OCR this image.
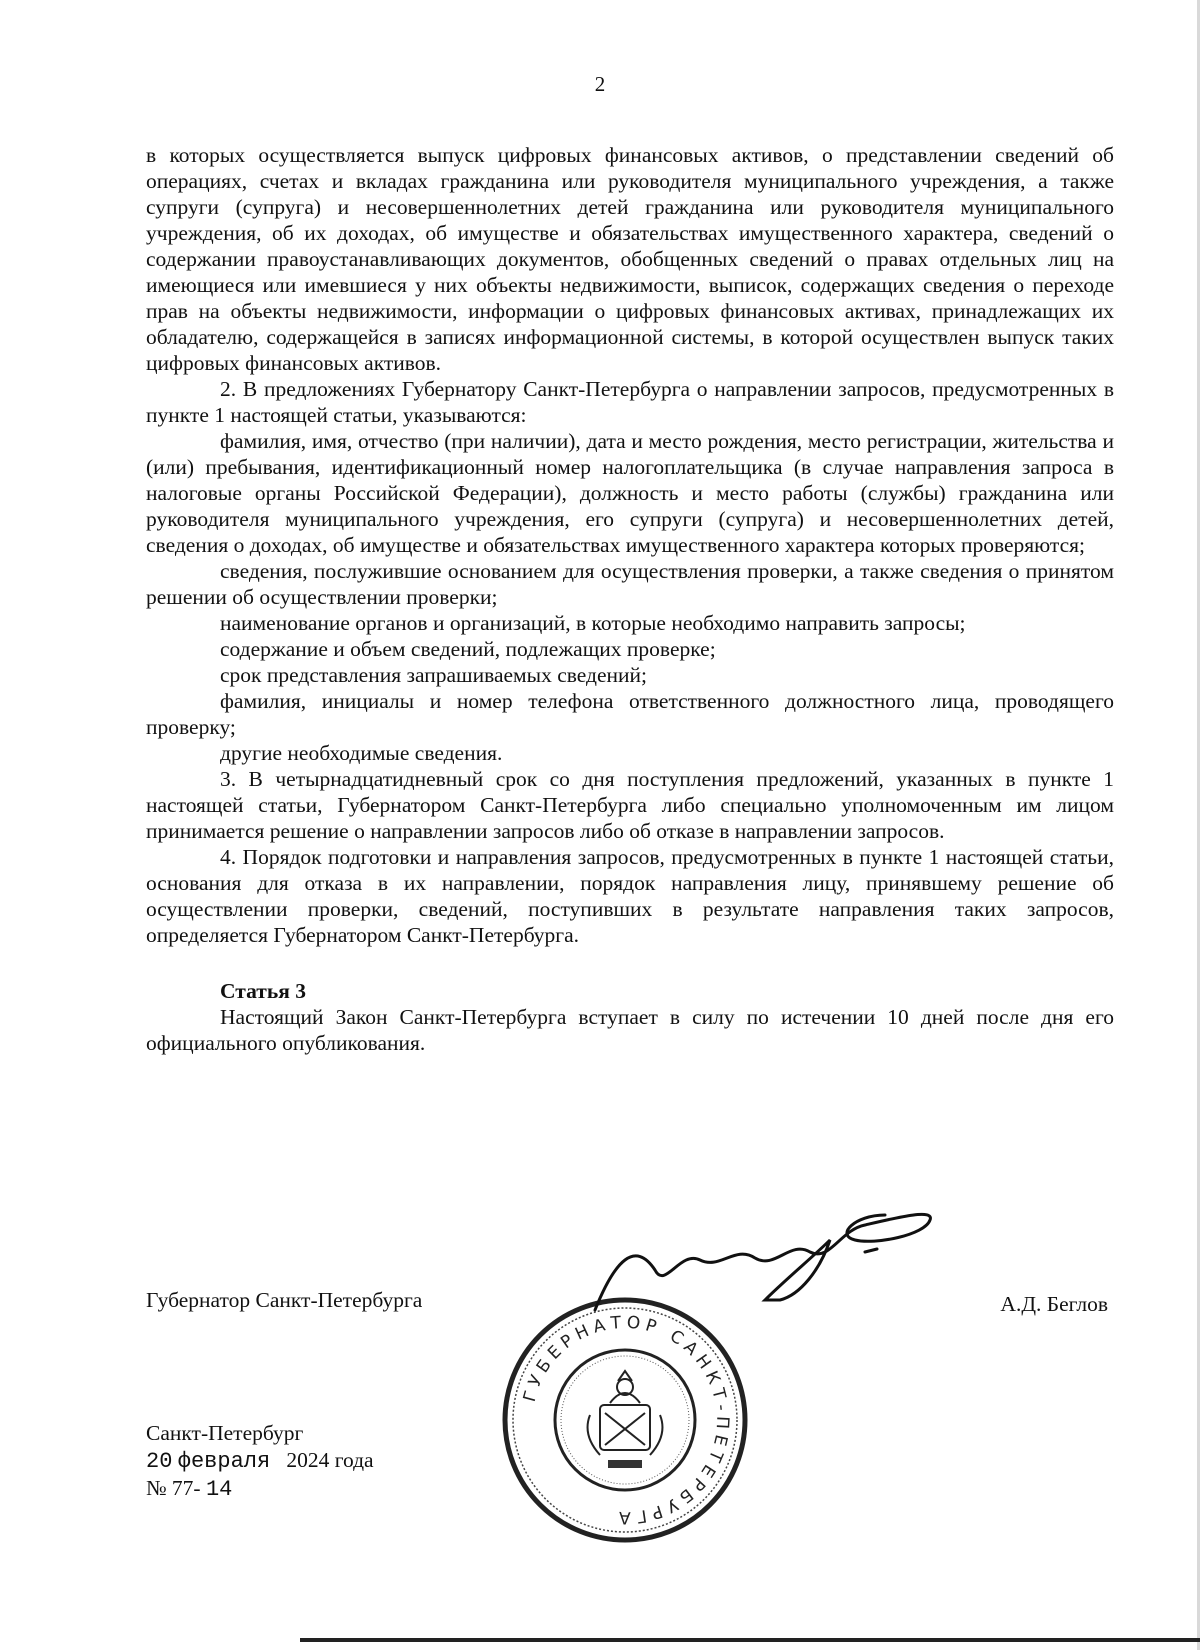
2

в которых осуществляется выпуск цифровых финансовых активов, о представлении сведений об операциях, счетах и вкладах гражданина или руководителя муниципального учреждения, а также супруги (супруга) и несовершеннолетних детей гражданина или руководителя муниципального учреждения, об их доходах, об имуществе и обязательствах имущественного характера, сведений о содержании правоустанавливающих документов, обобщенных сведений о правах отдельных лиц на имеющиеся или имевшиеся у них объекты недвижимости, выписок, содержащих сведения о переходе прав на объекты недвижимости, информации о цифровых финансовых активах, принадлежащих их обладателю, содержащейся в записях информационной системы, в которой осуществлен выпуск таких цифровых финансовых активов.

2. В предложениях Губернатору Санкт-Петербурга о направлении запросов, предусмотренных в пункте 1 настоящей статьи, указываются:

фамилия, имя, отчество (при наличии), дата и место рождения, место регистрации, жительства и (или) пребывания, идентификационный номер налогоплательщика (в случае направления запроса в налоговые органы Российской Федерации), должность и место работы (службы) гражданина или руководителя муниципального учреждения, его супруги (супруга) и несовершеннолетних детей, сведения о доходах, об имуществе и обязательствах имущественного характера которых проверяются;

сведения, послужившие основанием для осуществления проверки, а также сведения о принятом решении об осуществлении проверки;

наименование органов и организаций, в которые необходимо направить запросы;

содержание и объем сведений, подлежащих проверке;

срок представления запрашиваемых сведений;

фамилия, инициалы и номер телефона ответственного должностного лица, проводящего проверку;

другие необходимые сведения.

3. В четырнадцатидневный срок со дня поступления предложений, указанных в пункте 1 настоящей статьи, Губернатором Санкт-Петербурга либо специально уполномоченным им лицом принимается решение о направлении запросов либо об отказе в направлении запросов.

4. Порядок подготовки и направления запросов, предусмотренных в пункте 1 настоящей статьи, основания для отказа в их направлении, порядок направления лицу, принявшему решение об осуществлении проверки, сведений, поступивших в результате направления таких запросов, определяется Губернатором Санкт-Петербурга.

Статья 3

Настоящий Закон Санкт-Петербурга вступает в силу по истечении 10 дней после дня его официального опубликования.

Губернатор Санкт-Петербурга	А.Д. Беглов
Санкт-Петербург
20 февраля 2024 года
№ 77- 14
ГУБЕРНАТОР САНКТ-ПЕТЕРБУРГА
